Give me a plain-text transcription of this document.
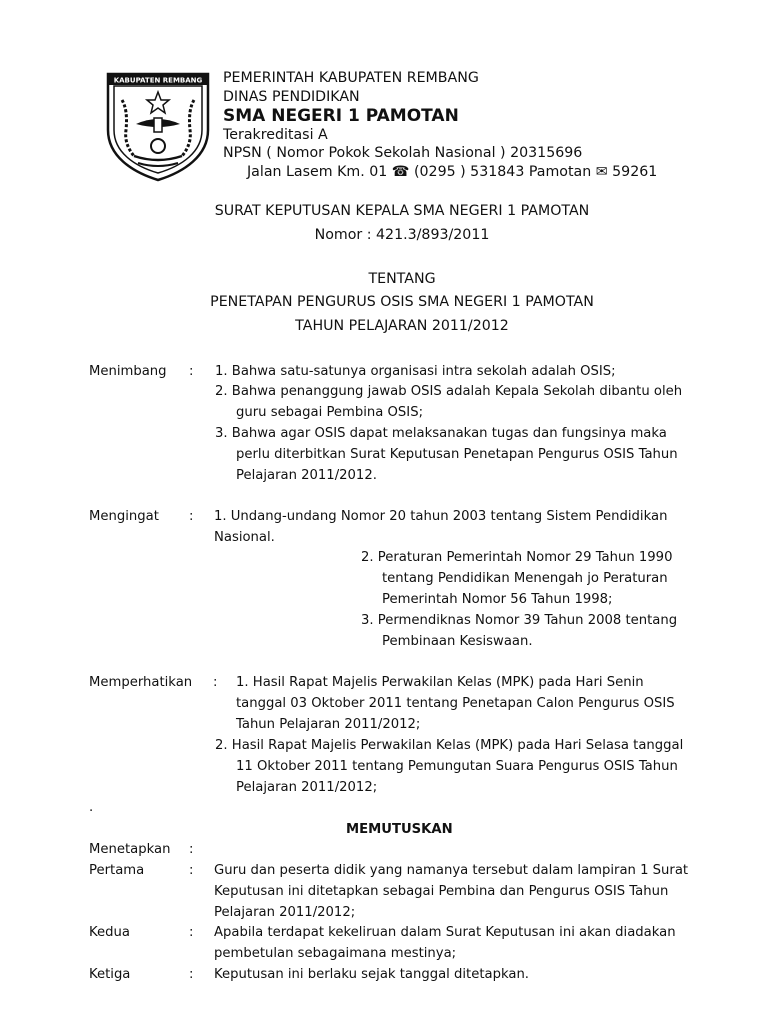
KABUPATEN REMBANG PEMERINTAH KABUPATEN REMBANG
DINAS PENDIDIKAN
SMA NEGERI 1 PAMOTAN
Terakreditasi A
NPSN ( Nomor Pokok Sekolah Nasional ) 20315696
Jalan Lasem Km. 01 ☎ (0295 ) 531843 Pamotan ✉ 59261
SURAT KEPUTUSAN KEPALA SMA NEGERI 1 PAMOTAN
Nomor : 421.3/893/2011
TENTANG
PENETAPAN PENGURUS OSIS SMA NEGERI 1 PAMOTAN
TAHUN PELAJARAN 2011/2012
Menimbang : 1. Bahwa satu-satunya organisasi intra sekolah adalah OSIS;
2. Bahwa penanggung jawab OSIS adalah Kepala Sekolah dibantu oleh
guru sebagai Pembina OSIS;
3. Bahwa agar OSIS dapat melaksanakan tugas dan fungsinya maka
perlu diterbitkan Surat Keputusan Penetapan Pengurus OSIS Tahun
Pelajaran 2011/2012.
Mengingat : 1. Undang-undang Nomor 20 tahun 2003 tentang Sistem Pendidikan
Nasional.
2. Peraturan Pemerintah Nomor 29 Tahun 1990
tentang Pendidikan Menengah jo Peraturan
Pemerintah Nomor 56 Tahun 1998;
3. Permendiknas Nomor 39 Tahun 2008 tentang
Pembinaan Kesiswaan.
Memperhatikan : 1. Hasil Rapat Majelis Perwakilan Kelas (MPK) pada Hari Senin
tanggal 03 Oktober 2011 tentang Penetapan Calon Pengurus OSIS
Tahun Pelajaran 2011/2012;
2. Hasil Rapat Majelis Perwakilan Kelas (MPK) pada Hari Selasa tanggal
11 Oktober 2011 tentang Pemungutan Suara Pengurus OSIS Tahun
Pelajaran 2011/2012;
.
MEMUTUSKAN
Menetapkan :
Pertama	: Guru dan peserta didik yang namanya tersebut dalam lampiran 1 Surat
Keputusan ini ditetapkan sebagai Pembina dan Pengurus OSIS Tahun
Pelajaran 2011/2012;
Kedua	: Apabila terdapat kekeliruan dalam Surat Keputusan ini akan diadakan
pembetulan sebagaimana mestinya;
Ketiga	: Keputusan ini berlaku sejak tanggal ditetapkan.
